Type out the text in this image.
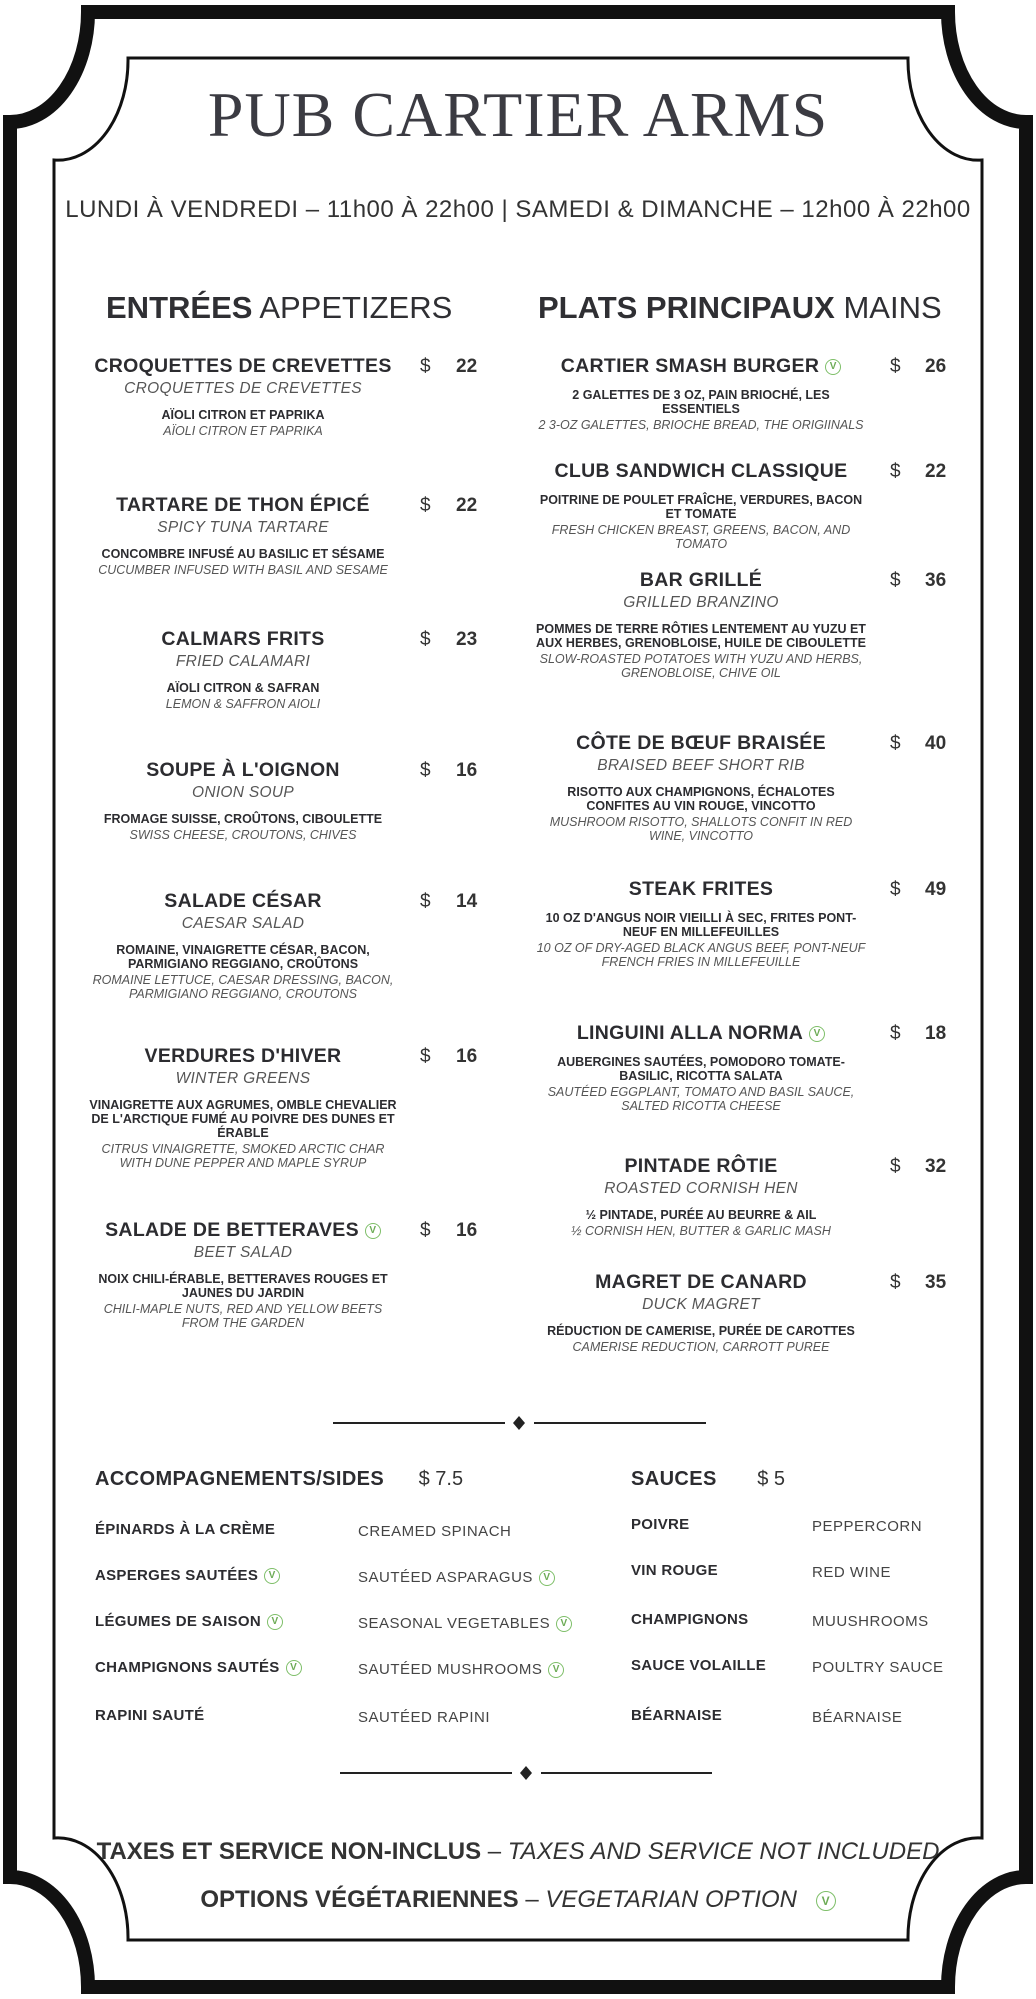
PUB CARTIER ARMS
LUNDI À VENDREDI – 11h00 À 22h00 | SAMEDI & DIMANCHE – 12h00 À 22h00
ENTRÉES APPETIZERS	PLATS PRINCIPAUX MAINS
CROQUETTES DE CREVETTES
CROQUETTES DE CREVETTES
AÏOLI CITRON ET PAPRIKA
AÏOLI CITRON ET PAPRIKA
$ 22
TARTARE DE THON ÉPICÉ
SPICY TUNA TARTARE
CONCOMBRE INFUSÉ AU BASILIC ET SÉSAME
CUCUMBER INFUSED WITH BASIL AND SESAME
$ 22
CALMARS FRITS
FRIED CALAMARI
AÏOLI CITRON & SAFRAN
LEMON & SAFFRON AIOLI
$ 23
SOUPE À L'OIGNON
ONION SOUP
FROMAGE SUISSE, CROÛTONS, CIBOULETTE
SWISS CHEESE, CROUTONS, CHIVES
$ 16
SALADE CÉSAR
CAESAR SALAD
ROMAINE, VINAIGRETTE CÉSAR, BACON, PARMIGIANO REGGIANO, CROÛTONS
ROMAINE LETTUCE, CAESAR DRESSING, BACON, PARMIGIANO REGGIANO, CROUTONS
$ 14
VERDURES D'HIVER
WINTER GREENS
VINAIGRETTE AUX AGRUMES, OMBLE CHEVALIER DE L'ARCTIQUE FUMÉ AU POIVRE DES DUNES ET ÉRABLE
CITRUS VINAIGRETTE, SMOKED ARCTIC CHAR WITH DUNE PEPPER AND MAPLE SYRUP
$ 16
SALADE DE BETTERAVES V
BEET SALAD
NOIX CHILI-ÉRABLE, BETTERAVES ROUGES ET JAUNES DU JARDIN
CHILI-MAPLE NUTS, RED AND YELLOW BEETS FROM THE GARDEN
$ 16
CARTIER SMASH BURGER V
2 GALETTES DE 3 OZ, PAIN BRIOCHÉ, LES ESSENTIELS
2 3-OZ GALETTES, BRIOCHE BREAD, THE ORIGIINALS
$ 26
CLUB SANDWICH CLASSIQUE
POITRINE DE POULET FRAÎCHE, VERDURES, BACON ET TOMATE
FRESH CHICKEN BREAST, GREENS, BACON, AND TOMATO
$ 22
BAR GRILLÉ
GRILLED BRANZINO
POMMES DE TERRE RÔTIES LENTEMENT AU YUZU ET AUX HERBES, GRENOBLOISE, HUILE DE CIBOULETTE
SLOW-ROASTED POTATOES WITH YUZU AND HERBS, GRENOBLOISE, CHIVE OIL
$ 36
CÔTE DE BŒUF BRAISÉE
BRAISED BEEF SHORT RIB
RISOTTO AUX CHAMPIGNONS, ÉCHALOTES CONFITES AU VIN ROUGE, VINCOTTO
MUSHROOM RISOTTO, SHALLOTS CONFIT IN RED WINE, VINCOTTO
$ 40
STEAK FRITES
10 OZ D'ANGUS NOIR VIEILLI À SEC, FRITES PONT-NEUF EN MILLEFEUILLES
10 OZ OF DRY-AGED BLACK ANGUS BEEF, PONT-NEUF FRENCH FRIES IN MILLEFEUILLE
$ 49
LINGUINI ALLA NORMA V
AUBERGINES SAUTÉES, POMODORO TOMATE-BASILIC, RICOTTA SALATA
SAUTÉED EGGPLANT, TOMATO AND BASIL SAUCE, SALTED RICOTTA CHEESE
$ 18
PINTADE RÔTIE
ROASTED CORNISH HEN
½ PINTADE, PURÉE AU BEURRE & AIL
½ CORNISH HEN, BUTTER & GARLIC MASH
$ 32
MAGRET DE CANARD
DUCK MAGRET
RÉDUCTION DE CAMERISE, PURÉE DE CAROTTES
CAMERISE REDUCTION, CARROTT PUREE
$ 35
ACCOMPAGNEMENTS/SIDES $ 7.5	SAUCES $ 5
ÉPINARDS À LA CRÈME	CREAMED SPINACH
ASPERGES SAUTÉES V	SAUTÉED ASPARAGUS V
LÉGUMES DE SAISON V	SEASONAL VEGETABLES V
CHAMPIGNONS SAUTÉS V	SAUTÉED MUSHROOMS V
RAPINI SAUTÉ	SAUTÉED RAPINI
POIVRE	PEPPERCORN
VIN ROUGE	RED WINE
CHAMPIGNONS	MUUSHROOMS
SAUCE VOLAILLE	POULTRY SAUCE
BÉARNAISE	BÉARNAISE
TAXES ET SERVICE NON-INCLUS – TAXES AND SERVICE NOT INCLUDED
OPTIONS VÉGÉTARIENNES – VEGETARIAN OPTION V
